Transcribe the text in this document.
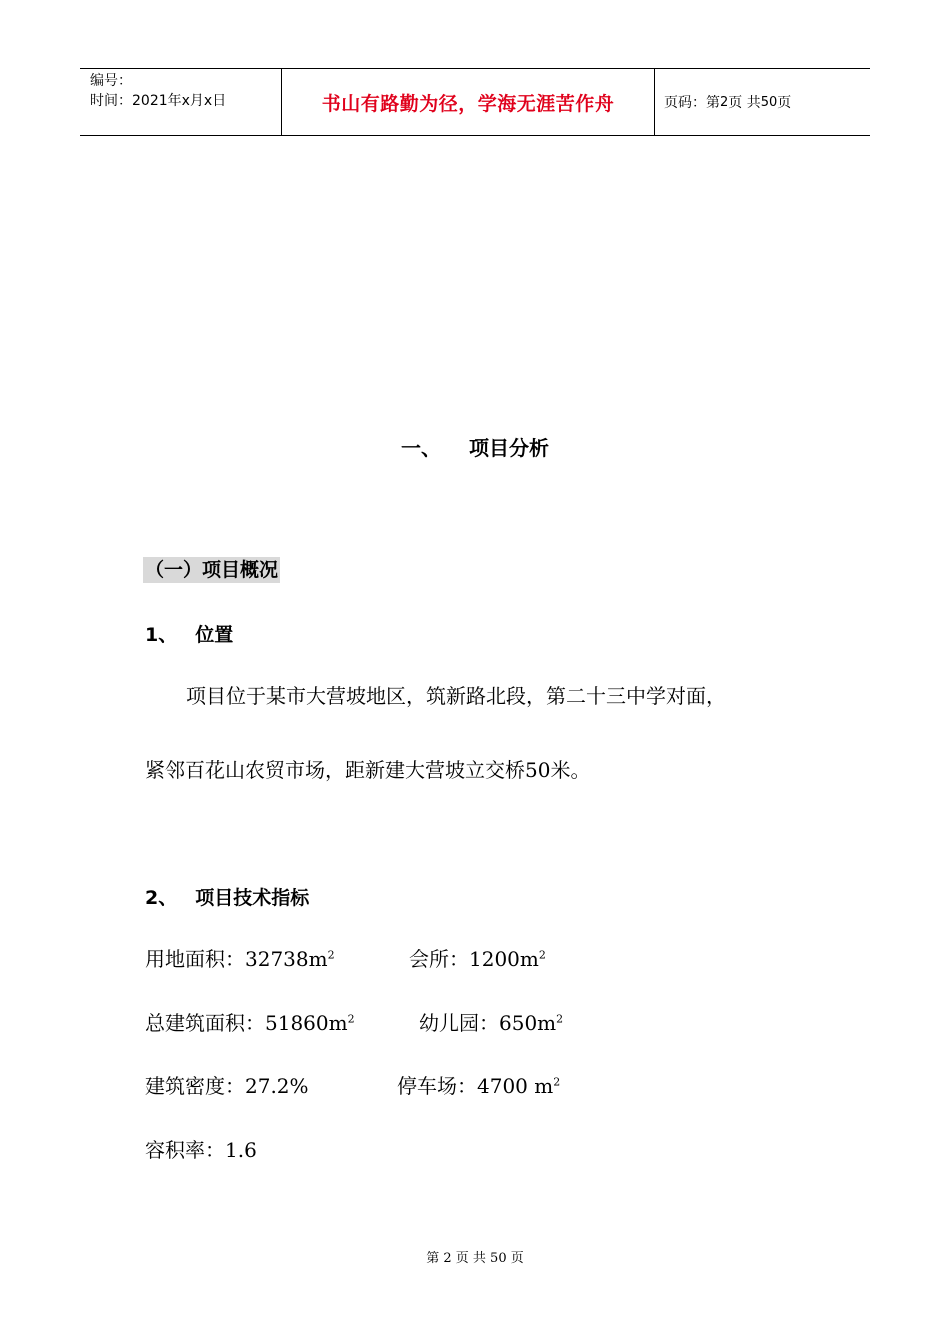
编号：
时间：2021年x月x日	书山有路勤为径，学海无涯苦作舟	页码：第 2 页 共 50 页
一、 项目分析
（一）项目概况
1、 位置
项目位于某市大营坡地区，筑新路北段，第二十三中学对面，
紧邻百花山农贸市场，距新建大营坡立交桥50米。
2、 项目技术指标
用地面积：$32738m^2$	会所：$1200m^2$
总建筑面积：$51860m^2$	幼儿园：$650m^2$
建筑密度：27.2%	停车场：4700 $m^2$
容积率：1.6
第 2 页 共 50 页
